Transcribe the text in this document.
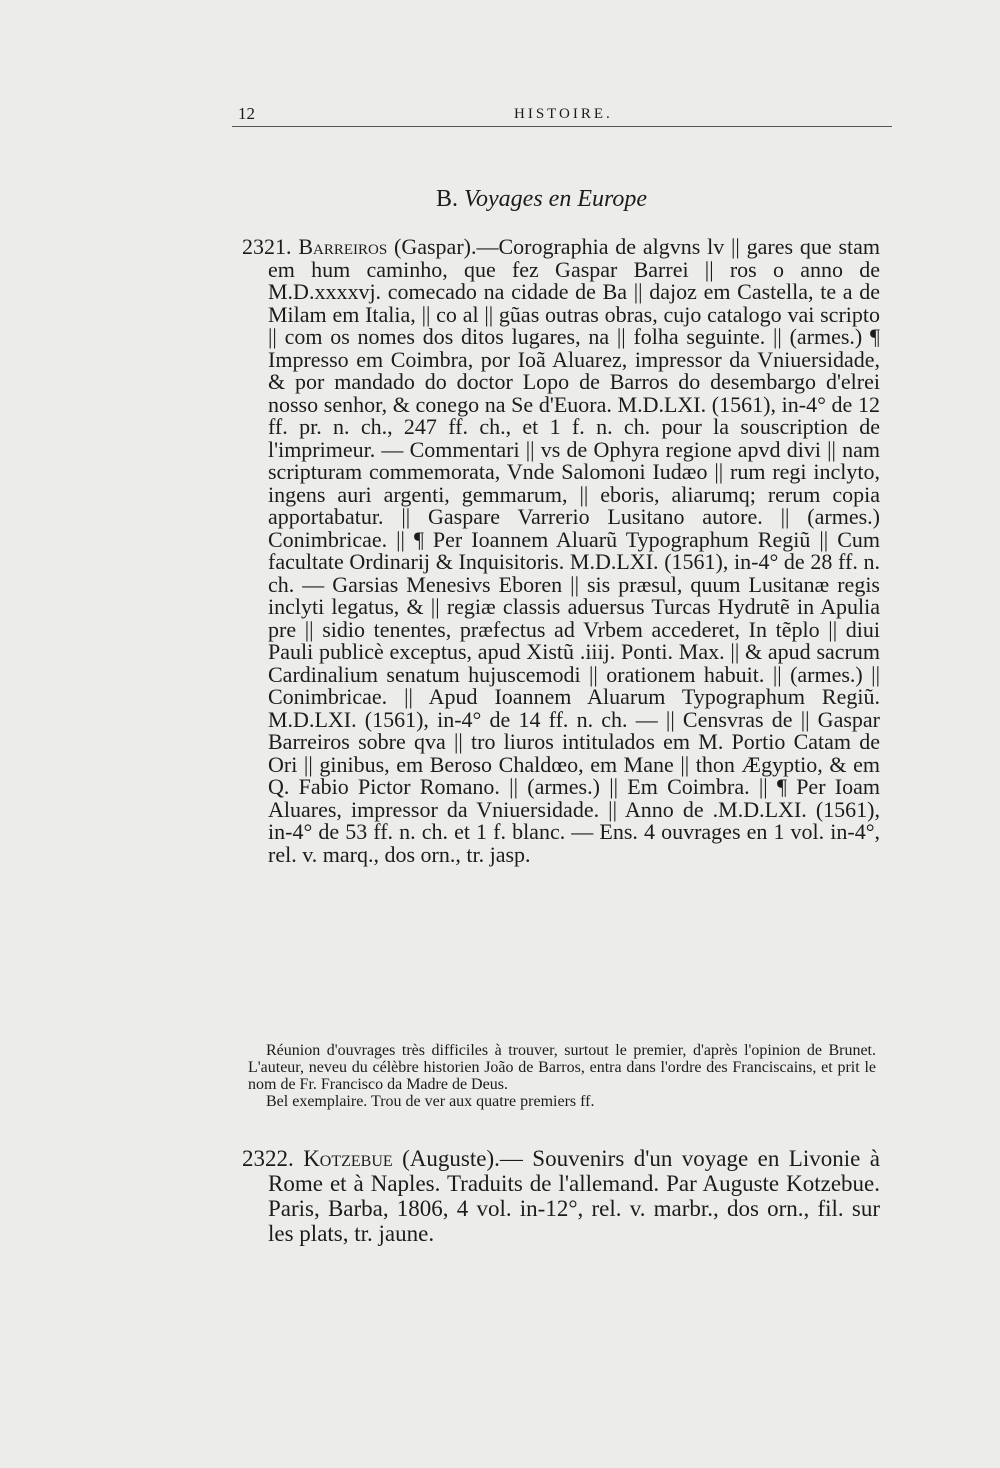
12	HISTOIRE.
B. Voyages en Europe

2321. Barreiros (Gaspar).—Corographia de algvns lv || gares que stam em hum caminho, que fez Gaspar Barrei || ros o anno de M.D.xxxxvj. comecado na cidade de Ba || dajoz em Castella, te a de Milam em Italia, || co al || gũas outras obras, cujo catalogo vai scripto || com os nomes dos ditos lugares, na || folha seguinte. || (armes.) ¶ Impresso em Coimbra, por Ioã Aluarez, impressor da Vniuersidade, & por mandado do doctor Lopo de Barros do desembargo d'elrei nosso senhor, & conego na Se d'Euora. M.D.LXI. (1561), in-4° de 12 ff. pr. n. ch., 247 ff. ch., et 1 f. n. ch. pour la souscription de l'imprimeur. — Commentari || vs de Ophyra regione apvd divi || nam scripturam commemorata, Vnde Salomoni Iudæo || rum regi inclyto, ingens auri argenti, gemmarum, || eboris, aliarumq; rerum copia apportabatur. || Gaspare Varrerio Lusitano autore. || (armes.) Conimbricae. || ¶ Per Ioannem Aluarũ Typographum Regiũ || Cum facultate Ordinarij & Inquisitoris. M.D.LXI. (1561), in-4° de 28 ff. n. ch. — Garsias Menesivs Eboren || sis præsul, quum Lusitanæ regis inclyti legatus, & || regiæ classis aduersus Turcas Hydrutẽ in Apulia pre || sidio tenentes, præfectus ad Vrbem accederet, In tẽplo || diui Pauli publicè exceptus, apud Xistũ .iiij. Ponti. Max. || & apud sacrum Cardinalium senatum hujuscemodi || orationem habuit. || (armes.) || Conimbricae. || Apud Ioannem Aluarum Typographum Regiũ. M.D.LXI. (1561), in-4° de 14 ff. n. ch. — || Censvras de || Gaspar Barreiros sobre qva || tro liuros intitulados em M. Portio Catam de Ori || ginibus, em Beroso Chaldœo, em Mane || thon Ægyptio, & em Q. Fabio Pictor Romano. || (armes.) || Em Coimbra. || ¶ Per Ioam Aluares, impressor da Vniuersidade. || Anno de .M.D.LXI. (1561), in-4° de 53 ff. n. ch. et 1 f. blanc. — Ens. 4 ouvrages en 1 vol. in-4°, rel. v. marq., dos orn., tr. jasp.

Réunion d'ouvrages très difficiles à trouver, surtout le premier, d'après l'opinion de Brunet. L'auteur, neveu du célèbre historien João de Barros, entra dans l'ordre des Franciscains, et prit le nom de Fr. Francisco da Madre de Deus.

Bel exemplaire. Trou de ver aux quatre premiers ff.

2322. Kotzebue (Auguste).— Souvenirs d'un voyage en Livonie à Rome et à Naples. Traduits de l'allemand. Par Auguste Kotzebue. Paris, Barba, 1806, 4 vol. in-12°, rel. v. marbr., dos orn., fil. sur les plats, tr. jaune.
